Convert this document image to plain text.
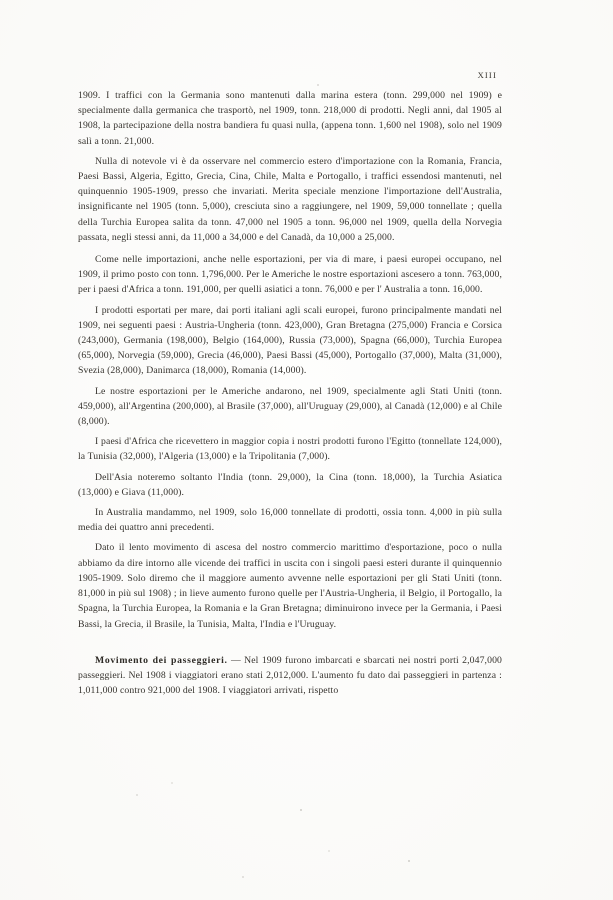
XIII

1909. I traffici con la Germania sono mantenuti dalla marina estera (tonn. 299,000 nel 1909) e specialmente dalla germanica che trasportò, nel 1909, tonn. 218,000 di prodotti. Negli anni, dal 1905 al 1908, la partecipazione della nostra bandiera fu quasi nulla, (appena tonn. 1,600 nel 1908), solo nel 1909 salì a tonn. 21,000.

Nulla di notevole vi è da osservare nel commercio estero d'importazione con la Romania, Francia, Paesi Bassi, Algeria, Egitto, Grecia, Cina, Chile, Malta e Portogallo, i traffici essendosi mantenuti, nel quinquennio 1905-1909, presso che invariati. Merita speciale menzione l'importazione dell'Australia, insignificante nel 1905 (tonn. 5,000), cresciuta sino a raggiungere, nel 1909, 59,000 tonnellate ; quella della Turchia Europea salita da tonn. 47,000 nel 1905 a tonn. 96,000 nel 1909, quella della Norvegia passata, negli stessi anni, da 11,000 a 34,000 e del Canadà, da 10,000 a 25,000.

Come nelle importazioni, anche nelle esportazioni, per via di mare, i paesi europei occupano, nel 1909, il primo posto con tonn. 1,796,000. Per le Americhe le nostre esportazioni ascesero a tonn. 763,000, per i paesi d'Africa a tonn. 191,000, per quelli asiatici a tonn. 76,000 e per l' Australia a tonn. 16,000.

I prodotti esportati per mare, dai porti italiani agli scali europei, furono principalmente mandati nel 1909, nei seguenti paesi : Austria-Ungheria (tonn. 423,000), Gran Bretagna (275,000) Francia e Corsica (243,000), Germania (198,000), Belgio (164,000), Russia (73,000), Spagna (66,000), Turchia Europea (65,000), Norvegia (59,000), Grecia (46,000), Paesi Bassi (45,000), Portogallo (37,000), Malta (31,000), Svezia (28,000), Danimarca (18,000), Romania (14,000).

Le nostre esportazioni per le Americhe andarono, nel 1909, specialmente agli Stati Uniti (tonn. 459,000), all'Argentina (200,000), al Brasile (37,000), all'Uruguay (29,000), al Canadà (12,000) e al Chile (8,000).

I paesi d'Africa che ricevettero in maggior copia i nostri prodotti furono l'Egitto (tonnellate 124,000), la Tunisia (32,000), l'Algeria (13,000) e la Tripolitania (7,000).

Dell'Asia noteremo soltanto l'India (tonn. 29,000), la Cina (tonn. 18,000), la Turchia Asiatica (13,000) e Giava (11,000).

In Australia mandammo, nel 1909, solo 16,000 tonnellate di prodotti, ossia tonn. 4,000 in più sulla media dei quattro anni precedenti.

Dato il lento movimento di ascesa del nostro commercio marittimo d'esportazione, poco o nulla abbiamo da dire intorno alle vicende dei traffici in uscita con i singoli paesi esteri durante il quinquennio 1905-1909. Solo diremo che il maggiore aumento avvenne nelle esportazioni per gli Stati Uniti (tonn. 81,000 in più sul 1908) ; in lieve aumento furono quelle per l'Austria-Ungheria, il Belgio, il Portogallo, la Spagna, la Turchia Europea, la Romania e la Gran Bretagna; diminuirono invece per la Germania, i Paesi Bassi, la Grecia, il Brasile, la Tunisia, Malta, l'India e l'Uruguay.

Movimento dei passeggieri. — Nel 1909 furono imbarcati e sbarcati nei nostri porti 2,047,000 passeggieri. Nel 1908 i viaggiatori erano stati 2,012,000. L'aumento fu dato dai passeggieri in partenza : 1,011,000 contro 921,000 del 1908. I viaggiatori arrivati, rispetto
